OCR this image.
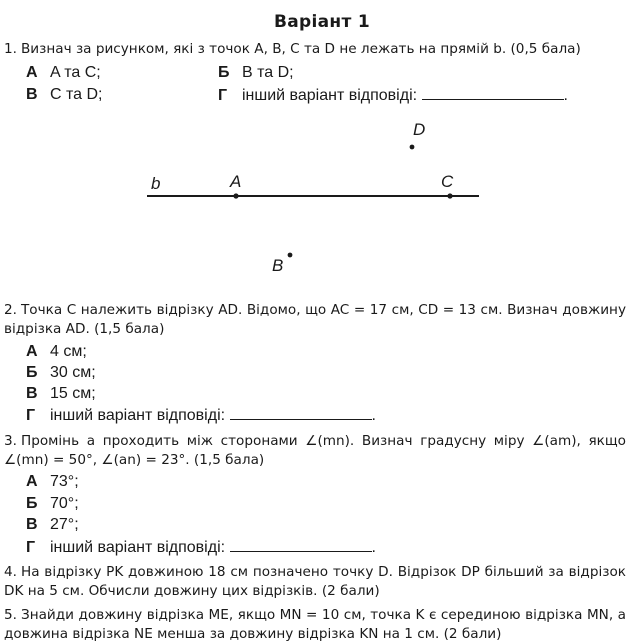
Варіант 1
1. Визнач за рисунком, які з точок A, B, C та D не лежать на прямій b. (0,5 бала)
А A та C;	Б B та D;
В C та D;	Г інший варіант відповіді:	.
b	A	C
D
B
2. Точка C належить відрізку AD. Відомо, що AC = 17 см, CD = 13 см. Визнач довжину відрізка AD. (1,5 бала)
А 4 см;
Б 30 см;
В 15 см;
Г інший варіант відповіді:	.
3. Промінь a проходить між сторонами ∠(mn). Визнач градусну міру ∠(am), якщо ∠(mn) = 50°, ∠(an) = 23°. (1,5 бала)
А 73°;
Б 70°;
В 27°;
Г інший варіант відповіді:	.
4. На відрізку PK довжиною 18 см позначено точку D. Відрізок DP більший за відрізок DK на 5 см. Обчисли довжину цих відрізків. (2 бали)
5. Знайди довжину відрізка ME, якщо MN = 10 см, точка K є серединою відрізка MN, а довжина відрізка NE менша за довжину відрізка KN на 1 см. (2 бали)
